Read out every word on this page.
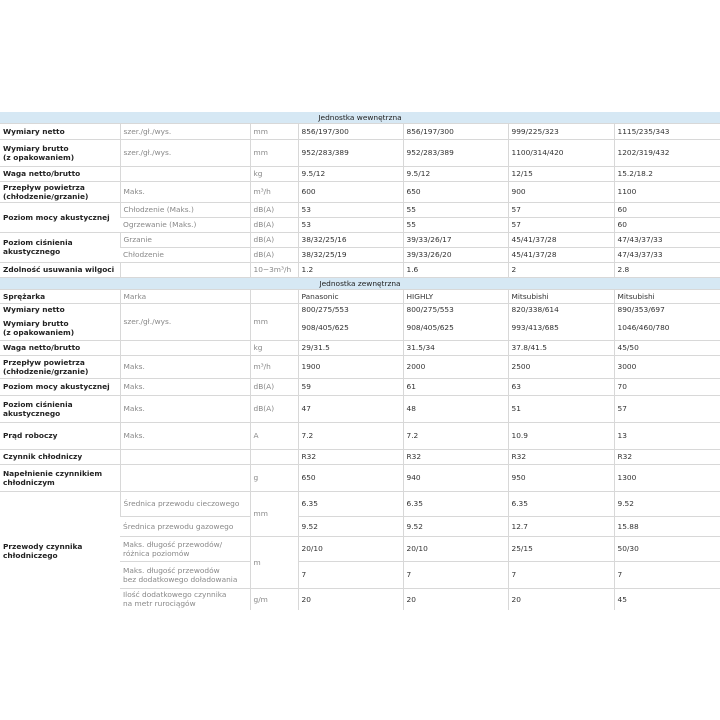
Jednostka wewnętrzna						
Wymiary netto	szer./gł./wys.	mm	856/197/300	856/197/300	999/225/323	1115/235/343
Wymiary brutto
(z opakowaniem)	szer./gł./wys.	mm	952/283/389	952/283/389	1100/314/420	1202/319/432
Waga netto/brutto		kg	9.5/12	9.5/12	12/15	15.2/18.2
Przepływ powietrza
(chłodzenie/grzanie)	Maks.	m³/h	600	650	900	1100
Poziom mocy akustycznej	Chłodzenie (Maks.)	dB(A)	53	55	57	60
	Ogrzewanie (Maks.)	dB(A)	53	55	57	60
Poziom ciśnienia
akustycznego	Grzanie	dB(A)	38/32/25/16	39/33/26/17	45/41/37/28	47/43/37/33
	Chłodzenie	dB(A)	38/32/25/19	39/33/26/20	45/41/37/28	47/43/37/33
Zdolność usuwania wilgoci		10−3m³/h	1.2	1.6	2	2.8
Jednostka zewnętrzna						
Sprężarka	Marka		Panasonic	HIGHLY	Mitsubishi	Mitsubishi
Wymiary netto	szer./gł./wys.	mm	800/275/553	800/275/553	820/338/614	890/353/697
Wymiary brutto
(z opakowaniem)			908/405/625	908/405/625	993/413/685	1046/460/780
Waga netto/brutto		kg	29/31.5	31.5/34	37.8/41.5	45/50
Przepływ powietrza
(chłodzenie/grzanie)	Maks.	m³/h	1900	2000	2500	3000
Poziom mocy akustycznej	Maks.	dB(A)	59	61	63	70
Poziom ciśnienia
akustycznego	Maks.	dB(A)	47	48	51	57
Prąd roboczy	Maks.	A	7.2	7.2	10.9	13
Czynnik chłodniczy			R32	R32	R32	R32
Napełnienie czynnikiem
chłodniczym		g	650	940	950	1300
Przewody czynnika
chłodniczego	Średnica przewodu cieczowego	mm	6.35	6.35	6.35	9.52
	Średnica przewodu gazowego		9.52	9.52	12.7	15.88
	Maks. długość przewodów/
różnica poziomów	m	20/10	20/10	25/15	50/30
	Maks. długość przewodów
bez dodatkowego doładowania		7	7	7	7
	Ilość dodatkowego czynnika
na metr rurociągów	g/m	20	20	20	45
